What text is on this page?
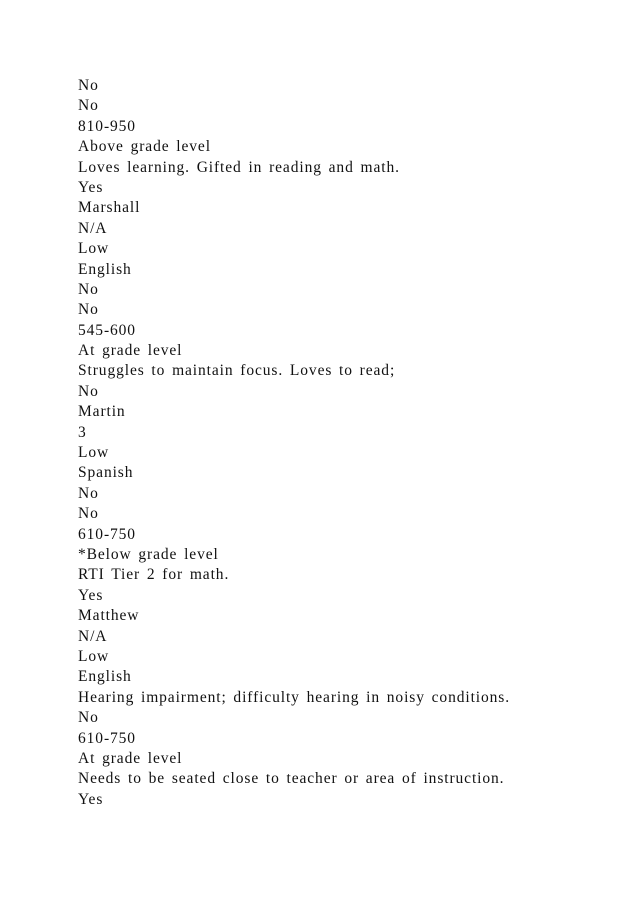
No
No
810-950
Above grade level
Loves learning. Gifted in reading and math.
Yes
Marshall
N/A
Low
English
No
No
545-600
At grade level
Struggles to maintain focus. Loves to read;
No
Martin
3
Low
Spanish
No
No
610-750
*Below grade level
RTI Tier 2 for math.
Yes
Matthew
N/A
Low
English
Hearing impairment; difficulty hearing in noisy conditions.
No
610-750
At grade level
Needs to be seated close to teacher or area of instruction.
Yes
